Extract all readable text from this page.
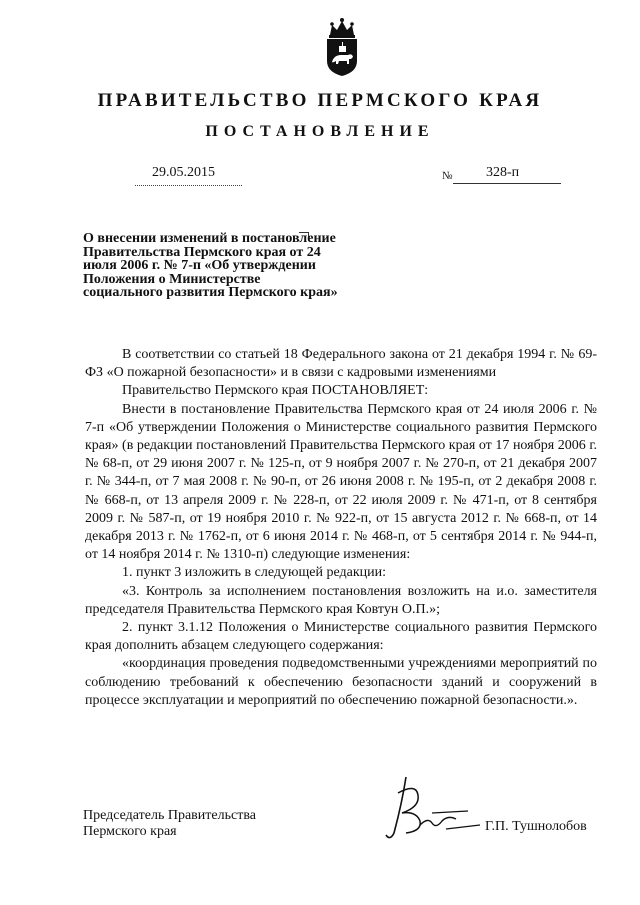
ПРАВИТЕЛЬСТВО ПЕРМСКОГО КРАЯ
ПОСТАНОВЛЕНИЕ
29.05.2015	№ 328-п
О внесении изменений в постановление Правительства Пермского края от 24 июля 2006 г. № 7-п «Об утверждении Положения о Министерстве социального развития Пермского края»

В соответствии со статьей 18 Федерального закона от 21 декабря 1994 г. № 69-ФЗ «О пожарной безопасности» и в связи с кадровыми изменениями

Правительство Пермского края ПОСТАНОВЛЯЕТ:

Внести в постановление Правительства Пермского края от 24 июля 2006 г. № 7-п «Об утверждении Положения о Министерстве социального развития Пермского края» (в редакции постановлений Правительства Пермского края от 17 ноября 2006 г. № 68-п, от 29 июня 2007 г. № 125-п, от 9 ноября 2007 г. № 270-п, от 21 декабря 2007 г. № 344-п, от 7 мая 2008 г. № 90-п, от 26 июня 2008 г. № 195-п, от 2 декабря 2008 г. № 668-п, от 13 апреля 2009 г. № 228-п, от 22 июля 2009 г. № 471-п, от 8 сентября 2009 г. № 587-п, от 19 ноября 2010 г. № 922-п, от 15 августа 2012 г. № 668-п, от 14 декабря 2013 г. № 1762-п, от 6 июня 2014 г. № 468-п, от 5 сентября 2014 г. № 944-п, от 14 ноября 2014 г. № 1310-п) следующие изменения:

1. пункт 3 изложить в следующей редакции:

«3. Контроль за исполнением постановления возложить на и.о. заместителя председателя Правительства Пермского края Ковтун О.П.»;

2. пункт 3.1.12 Положения о Министерстве социального развития Пермского края дополнить абзацем следующего содержания:

«координация проведения подведомственными учреждениями мероприятий по соблюдению требований к обеспечению безопасности зданий и сооружений в процессе эксплуатации и мероприятий по обеспечению пожарной безопасности.».

Председатель Правительства
Пермского края	Г.П. Тушнолобов
